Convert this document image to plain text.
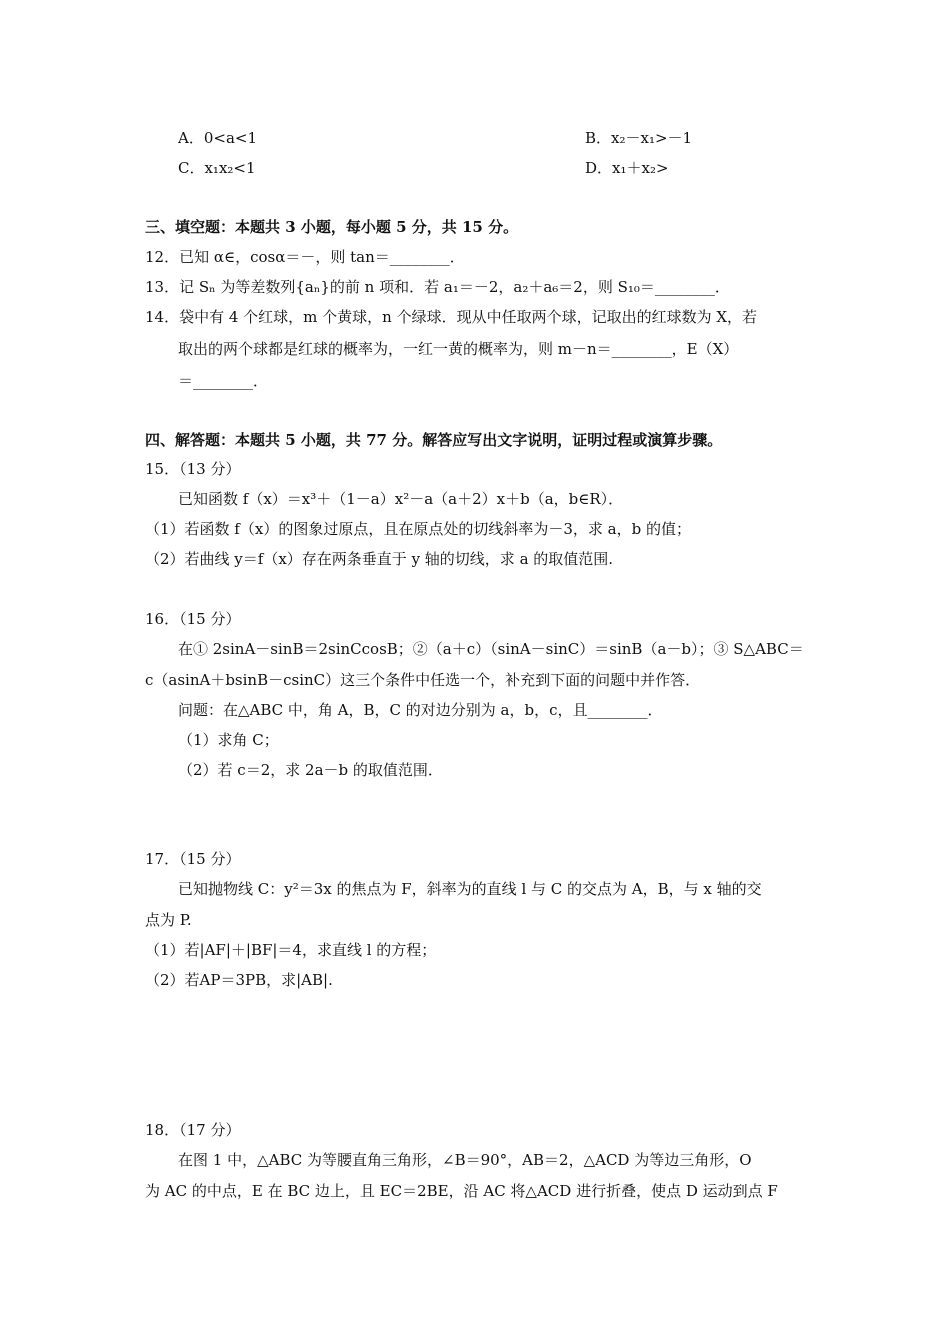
A．0<a<1	B．x₂－x₁>－1
C．x₁x₂<1	D．x₁＋x₂>
三、填空题：本题共 3 小题，每小题 5 分，共 15 分。
12．已知 α∈，cosα＝－，则 tan＝________．
13．记 Sₙ 为等差数列{aₙ}的前 n 项和．若 a₁＝－2，a₂＋a₆＝2，则 S₁₀＝________．
14．袋中有 4 个红球，m 个黄球，n 个绿球．现从中任取两个球，记取出的红球数为 X，若
取出的两个球都是红球的概率为，一红一黄的概率为，则 m－n＝________，E（X）
＝________．
四、解答题：本题共 5 小题，共 77 分。解答应写出文字说明，证明过程或演算步骤。
15．（13 分）
已知函数 f（x）＝x³＋（1－a）x²－a（a＋2）x＋b（a，b∈R）．
（1）若函数 f（x）的图象过原点，且在原点处的切线斜率为－3，求 a，b 的值；
（2）若曲线 y＝f（x）存在两条垂直于 y 轴的切线，求 a 的取值范围.
16．（15 分）
在① 2sinA－sinB＝2sinCcosB；②（a＋c）（sinA－sinC）＝sinB（a－b）；③ S△ABC＝
c（asinA＋bsinB－csinC）这三个条件中任选一个，补充到下面的问题中并作答．
问题：在△ABC 中，角 A，B，C 的对边分别为 a，b，c，且________．
（1）求角 C；
（2）若 c＝2，求 2a－b 的取值范围．
17．（15 分）
已知抛物线 C：y²＝3x 的焦点为 F，斜率为的直线 l 与 C 的交点为 A，B，与 x 轴的交
点为 P.
（1）若|AF|＋|BF|＝4，求直线 l 的方程；
（2）若AP＝3PB，求|AB|.
18．（17 分）
在图 1 中，△ABC 为等腰直角三角形，∠B＝90°，AB＝2，△ACD 为等边三角形，O
为 AC 的中点，E 在 BC 边上，且 EC＝2BE，沿 AC 将△ACD 进行折叠，使点 D 运动到点 F
